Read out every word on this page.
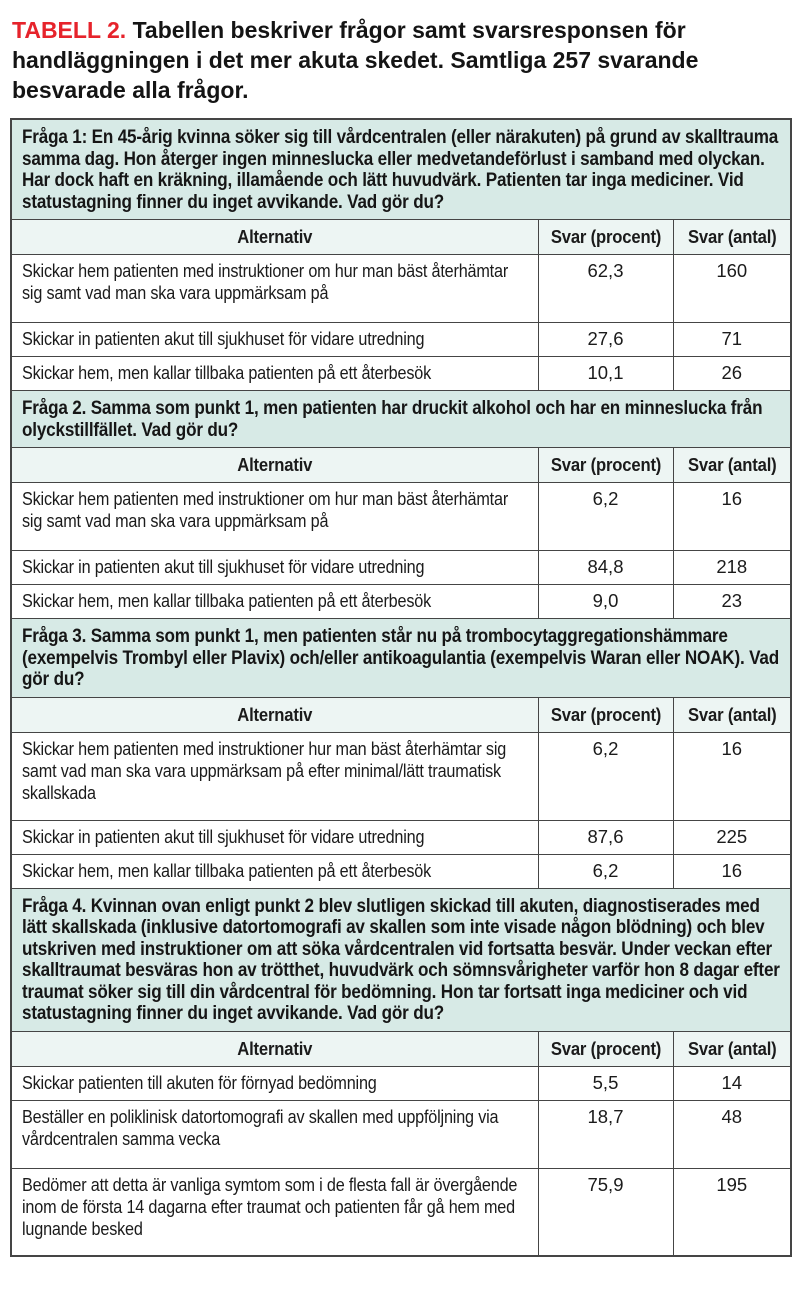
TABELL 2. Tabellen beskriver frågor samt svarsresponsen för handläggningen i det mer akuta skedet. Samtliga 257 svarande besvarade alla frågor.

Fråga 1: En 45-årig kvinna söker sig till vårdcentralen (eller närakuten) på grund av skalltrauma samma dag. Hon återger ingen minneslucka eller medvetandeförlust i samband med olyckan. Har dock haft en kräkning, illamående och lätt huvudvärk. Patienten tar inga mediciner. Vid statustagning finner du inget avvikande. Vad gör du?		

Alternativ	Svar (procent)	Svar (antal)

Skickar hem patienten med instruktioner om hur man bäst återhämtar sig samt vad man ska vara uppmärksam på	62,3	160

Skickar in patienten akut till sjukhuset för vidare utredning	27,6	71

Skickar hem, men kallar tillbaka patienten på ett återbesök	10,1	26

Fråga 2. Samma som punkt 1, men patienten har druckit alkohol och har en minneslucka från olyckstillfället. Vad gör du?		

Alternativ	Svar (procent)	Svar (antal)

Skickar hem patienten med instruktioner om hur man bäst återhämtar sig samt vad man ska vara uppmärksam på	6,2	16

Skickar in patienten akut till sjukhuset för vidare utredning	84,8	218

Skickar hem, men kallar tillbaka patienten på ett återbesök	9,0	23

Fråga 3. Samma som punkt 1, men patienten står nu på trombocytaggregationshämmare (exempelvis Trombyl eller Plavix) och/eller antikoagulantia (exempelvis Waran eller NOAK). Vad gör du?		

Alternativ	Svar (procent)	Svar (antal)

Skickar hem patienten med instruktioner hur man bäst återhämtar sig samt vad man ska vara uppmärksam på efter minimal/lätt traumatisk skallskada	6,2	16

Skickar in patienten akut till sjukhuset för vidare utredning	87,6	225

Skickar hem, men kallar tillbaka patienten på ett återbesök	6,2	16

Fråga 4. Kvinnan ovan enligt punkt 2 blev slutligen skickad till akuten, diagnostiserades med lätt skallskada (inklusive datortomografi av skallen som inte visade någon blödning) och blev utskriven med instruktioner om att söka vårdcentralen vid fortsatta besvär. Under veckan efter skalltraumat besväras hon av trötthet, huvudvärk och sömnsvårigheter varför hon 8 dagar efter traumat söker sig till din vårdcentral för bedömning. Hon tar fortsatt inga mediciner och vid statustagning finner du inget avvikande. Vad gör du?		

Alternativ	Svar (procent)	Svar (antal)

Skickar patienten till akuten för förnyad bedömning	5,5	14

Beställer en poliklinisk datortomografi av skallen med uppföljning via vårdcentralen samma vecka	18,7	48

Bedömer att detta är vanliga symtom som i de flesta fall är övergående inom de första 14 dagarna efter traumat och patienten får gå hem med lugnande besked	75,9	195
